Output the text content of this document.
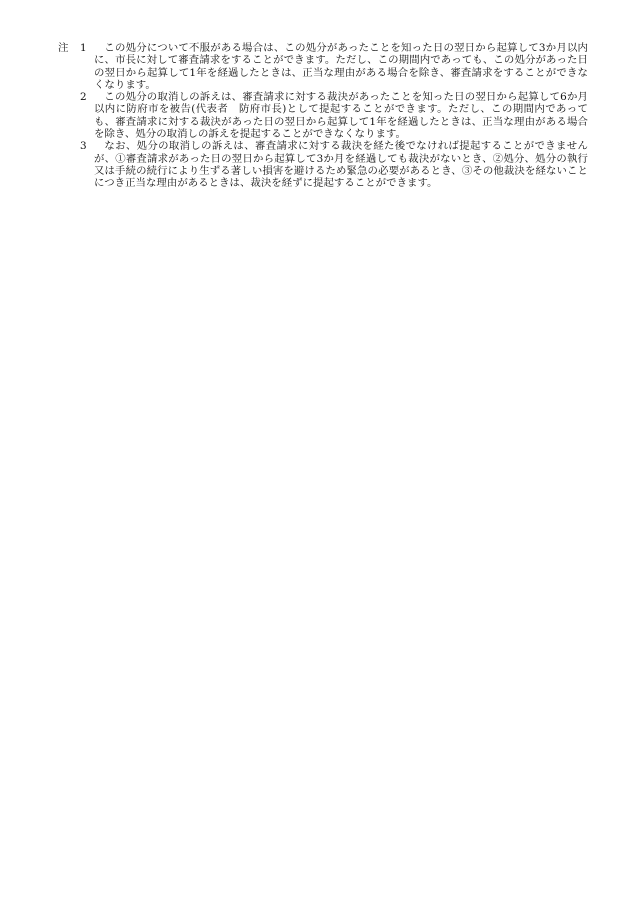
注	1	この処分について不服がある場合は、この処分があったことを知った日の翌日から起算して3か月以内に、市長に対して審査請求をすることができます。ただし、この期間内であっても、この処分があった日の翌日から起算して1年を経過したときは、正当な理由がある場合を除き、審査請求をすることができなくなります。
2	この処分の取消しの訴えは、審査請求に対する裁決があったことを知った日の翌日から起算して6か月以内に防府市を被告(代表者　防府市長)として提起することができます。ただし、この期間内であっても、審査請求に対する裁決があった日の翌日から起算して1年を経過したときは、正当な理由がある場合を除き、処分の取消しの訴えを提起することができなくなります。
3	なお、処分の取消しの訴えは、審査請求に対する裁決を経た後でなければ提起することができませんが、①審査請求があった日の翌日から起算して3か月を経過しても裁決がないとき、②処分、処分の執行又は手続の続行により生ずる著しい損害を避けるため緊急の必要があるとき、③その他裁決を経ないことにつき正当な理由があるときは、裁決を経ずに提起することができます。
